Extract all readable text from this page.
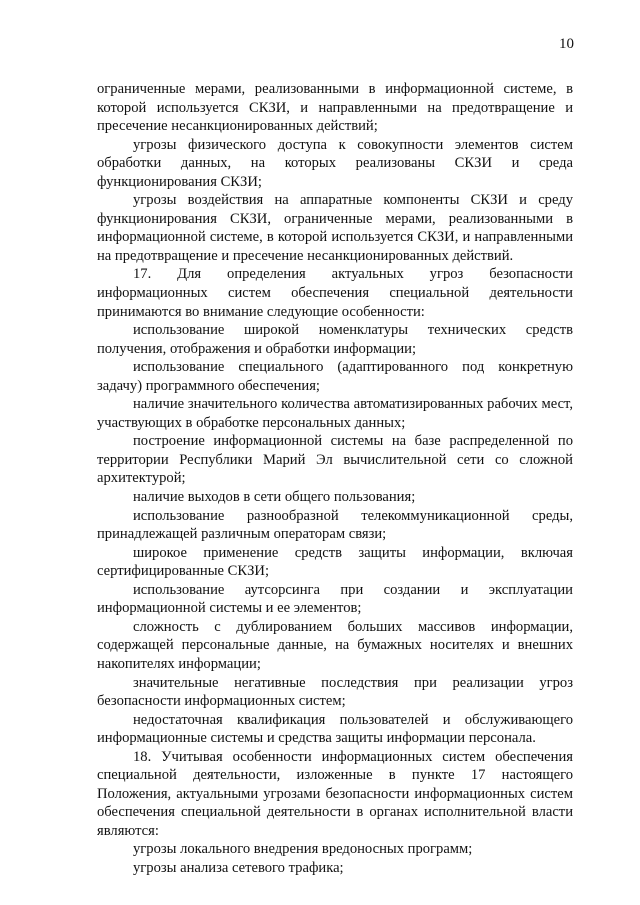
10

ограниченные мерами, реализованными в информационной системе, в которой используется СКЗИ, и направленными на предотвращение и пресечение несанкционированных действий;

угрозы физического доступа к совокупности элементов систем обработки данных, на которых реализованы СКЗИ и среда функционирования СКЗИ;

угрозы воздействия на аппаратные компоненты СКЗИ и среду функционирования СКЗИ, ограниченные мерами, реализованными в информационной системе, в которой используется СКЗИ, и направленными на предотвращение и пресечение несанкционированных действий.

17. Для определения актуальных угроз безопасности информационных систем обеспечения специальной деятельности принимаются во внимание следующие особенности:

использование широкой номенклатуры технических средств получения, отображения и обработки информации;

использование специального (адаптированного под конкретную задачу) программного обеспечения;

наличие значительного количества автоматизированных рабочих мест, участвующих в обработке персональных данных;

построение информационной системы на базе распределенной по территории Республики Марий Эл вычислительной сети со сложной архитектурой;

наличие выходов в сети общего пользования;

использование разнообразной телекоммуникационной среды, принадлежащей различным операторам связи;

широкое применение средств защиты информации, включая сертифицированные СКЗИ;

использование аутсорсинга при создании и эксплуатации информационной системы и ее элементов;

сложность с дублированием больших массивов информации, содержащей персональные данные, на бумажных носителях и внешних накопителях информации;

значительные негативные последствия при реализации угроз безопасности информационных систем;

недостаточная квалификация пользователей и обслуживающего информационные системы и средства защиты информации персонала.

18. Учитывая особенности информационных систем обеспечения специальной деятельности, изложенные в пункте 17 настоящего Положения, актуальными угрозами безопасности информационных систем обеспечения специальной деятельности в органах исполнительной власти являются:

угрозы локального внедрения вредоносных программ;

угрозы анализа сетевого трафика;
